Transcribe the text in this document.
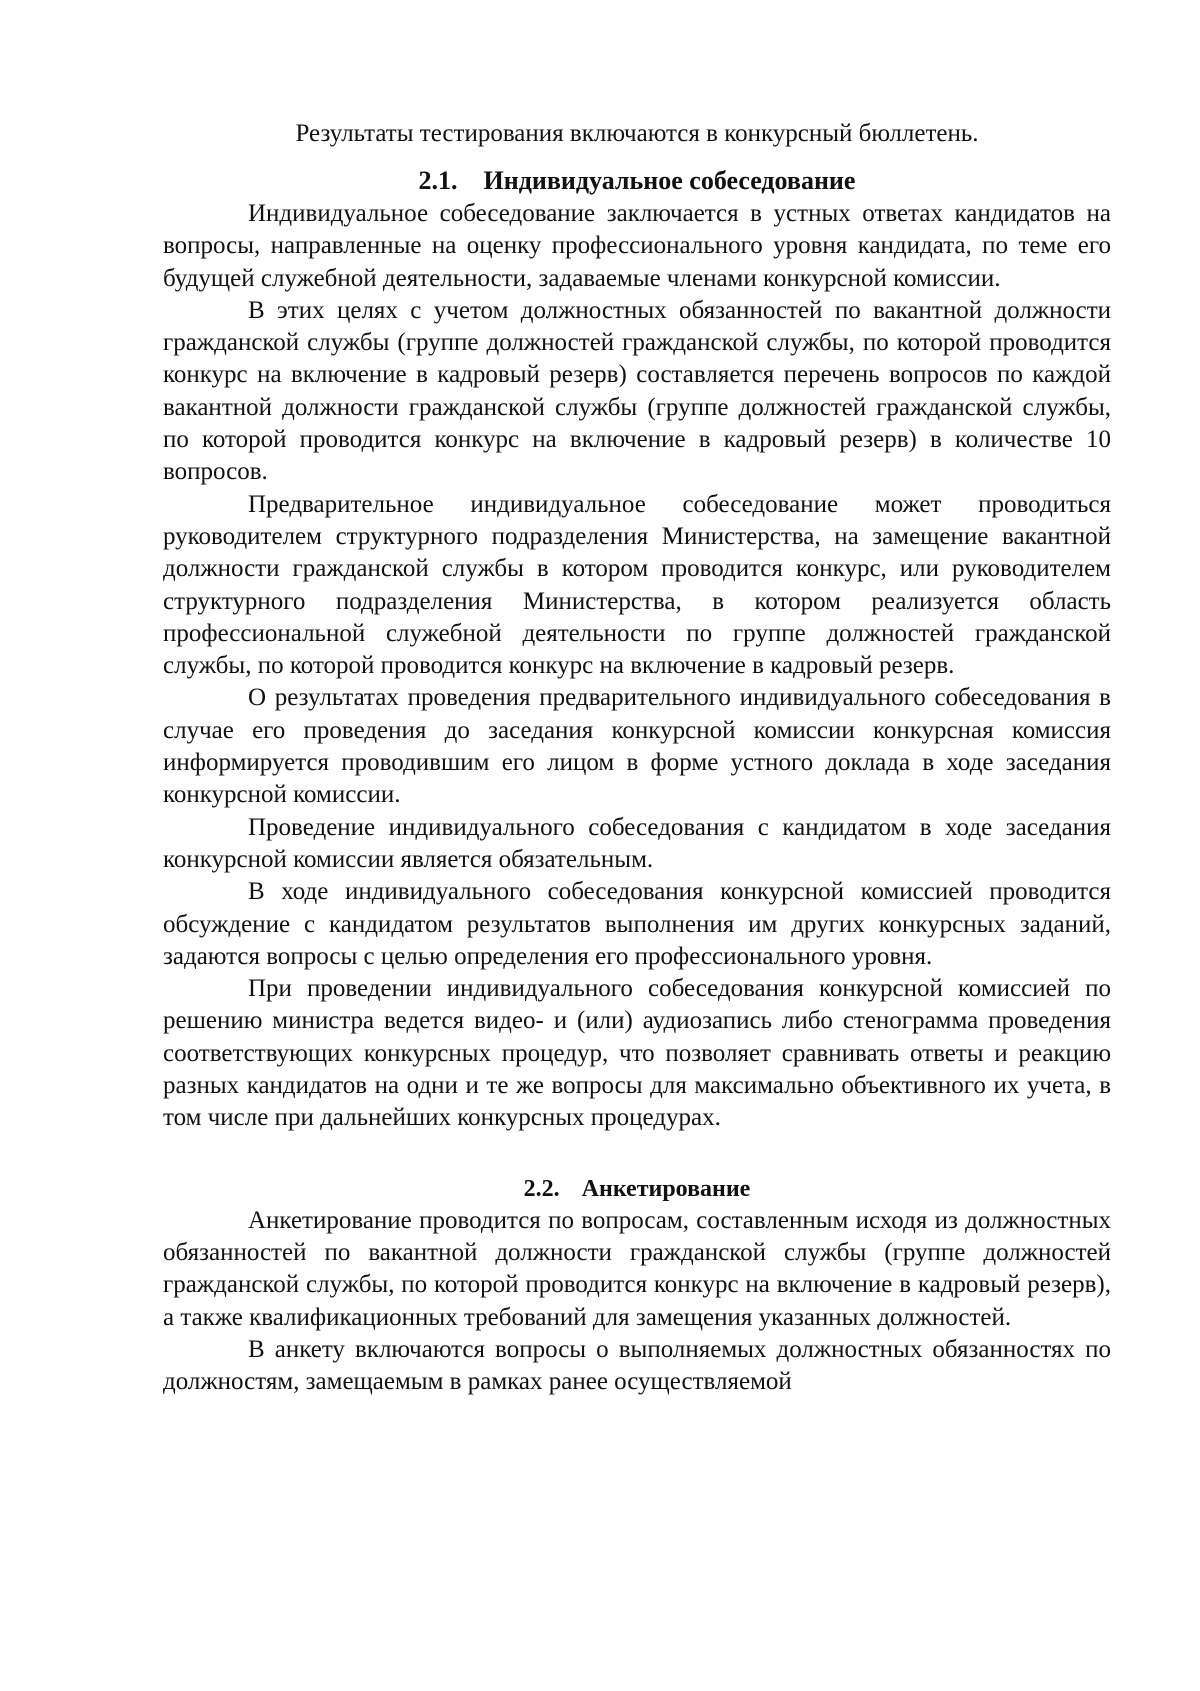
Результаты тестирования включаются в конкурсный бюллетень.
2.1. Индивидуальное собеседование

Индивидуальное собеседование заключается в устных ответах кандидатов на вопросы, направленные на оценку профессионального уровня кандидата, по теме его будущей служебной деятельности, задаваемые членами конкурсной комиссии.

В этих целях с учетом должностных обязанностей по вакантной должности гражданской службы (группе должностей гражданской службы, по которой проводится конкурс на включение в кадровый резерв) составляется перечень вопросов по каждой вакантной должности гражданской службы (группе должностей гражданской службы, по которой проводится конкурс на включение в кадровый резерв) в количестве 10 вопросов.

Предварительное индивидуальное собеседование может проводиться руководителем структурного подразделения Министерства, на замещение вакантной должности гражданской службы в котором проводится конкурс, или руководителем структурного подразделения Министерства, в котором реализуется область профессиональной служебной деятельности по группе должностей гражданской службы, по которой проводится конкурс на включение в кадровый резерв.

О результатах проведения предварительного индивидуального собеседования в случае его проведения до заседания конкурсной комиссии конкурсная комиссия информируется проводившим его лицом в форме устного доклада в ходе заседания конкурсной комиссии.

Проведение индивидуального собеседования с кандидатом в ходе заседания конкурсной комиссии является обязательным.

В ходе индивидуального собеседования конкурсной комиссией проводится обсуждение с кандидатом результатов выполнения им других конкурсных заданий, задаются вопросы с целью определения его профессионального уровня.

При проведении индивидуального собеседования конкурсной комиссией по решению министра ведется видео- и (или) аудиозапись либо стенограмма проведения соответствующих конкурсных процедур, что позволяет сравнивать ответы и реакцию разных кандидатов на одни и те же вопросы для максимально объективного их учета, в том числе при дальнейших конкурсных процедурах.

2.2. Анкетирование

Анкетирование проводится по вопросам, составленным исходя из должностных обязанностей по вакантной должности гражданской службы (группе должностей гражданской службы, по которой проводится конкурс на включение в кадровый резерв), а также квалификационных требований для замещения указанных должностей.

В анкету включаются вопросы о выполняемых должностных обязанностях по должностям, замещаемым в рамках ранее осуществляемой
